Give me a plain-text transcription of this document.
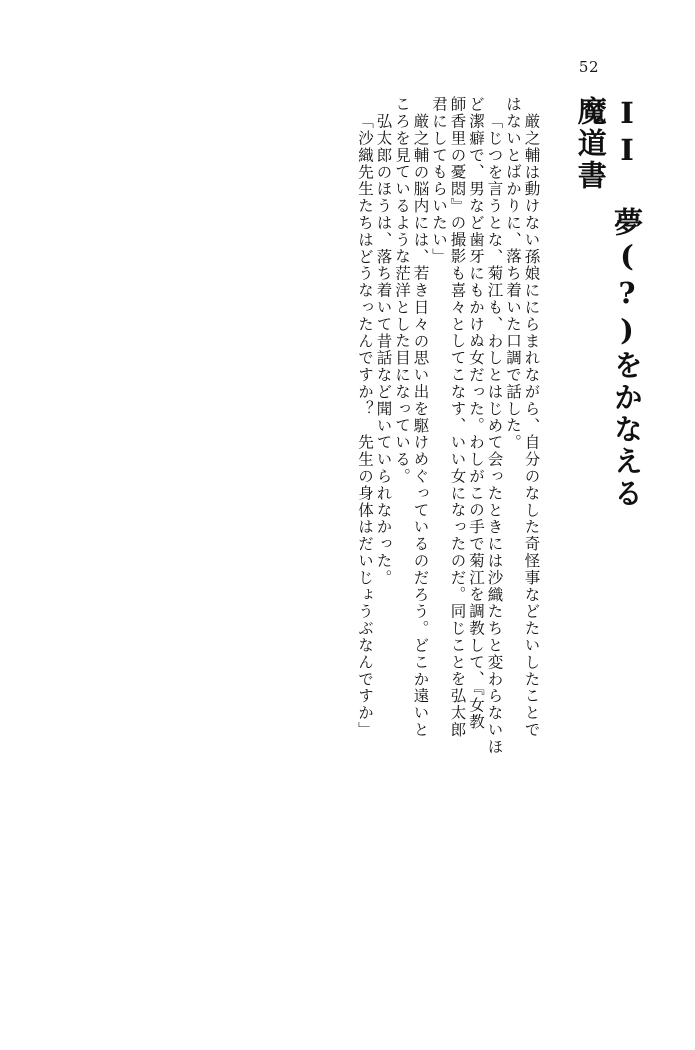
52
II 夢(?)をかなえる魔道書
厳之輔は動けない孫娘ににらまれながら、自分のなした奇怪事などたいしたことで
はないとばかりに、落ち着いた口調で話した。
「じつを言うとな、菊江も、わしとはじめて会ったときには沙織たちと変わらないほ
ど潔癖で、男など歯牙にもかけぬ女だった。わしがこの手で菊江を調教して、『女教
師香里の憂悶』の撮影も喜々としてこなす、いい女になったのだ。同じことを弘太郎
君にしてもらいたい」
厳之輔の脳内には、若き日々の思い出を駆けめぐっているのだろう。どこか遠いと
ころを見ているような茫洋とした目になっている。
弘太郎のほうは、落ち着いて昔話など聞いていられなかった。
「沙織先生たちはどうなったんですか？　先生の身体はだいじょうぶなんですか」
